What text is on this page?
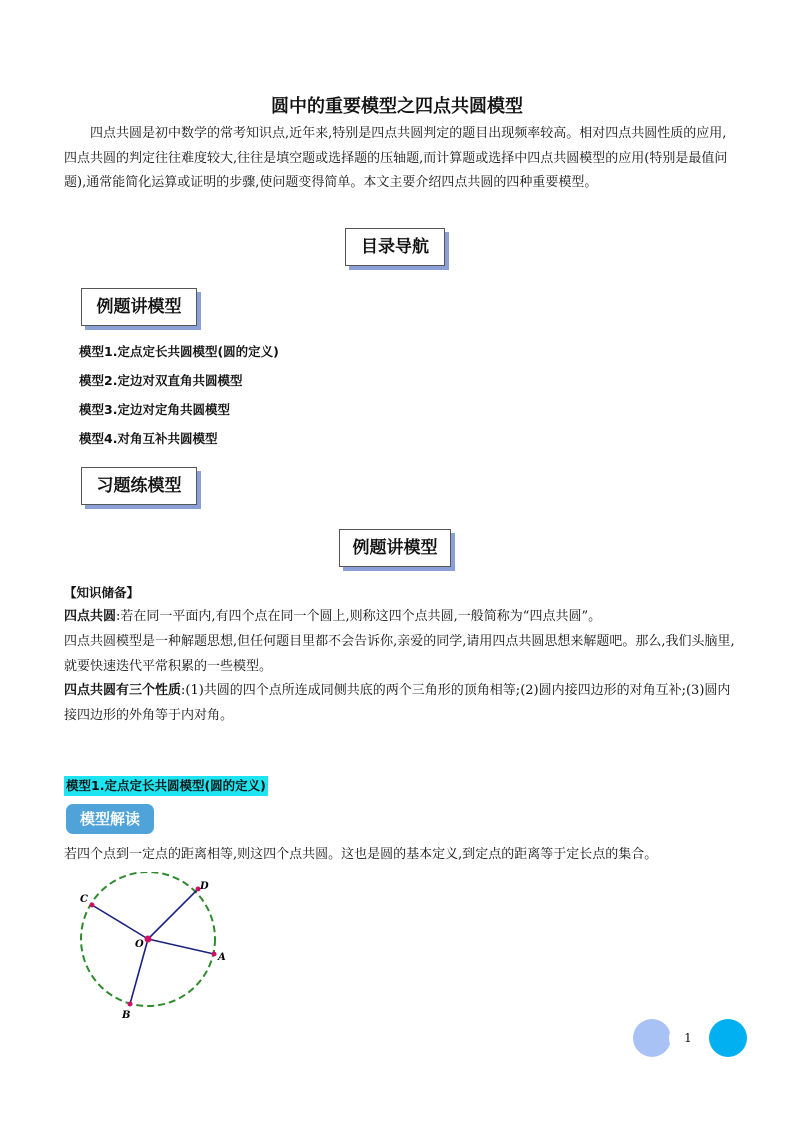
圆中的重要模型之四点共圆模型
四点共圆是初中数学的常考知识点,近年来,特别是四点共圆判定的题目出现频率较高。相对四点共圆性质的应用,四点共圆的判定往往难度较大,往往是填空题或选择题的压轴题,而计算题或选择中四点共圆模型的应用(特别是最值问题),通常能简化运算或证明的步骤,使问题变得简单。本文主要介绍四点共圆的四种重要模型。
目录导航
例题讲模型
模型1.定点定长共圆模型(圆的定义)
模型2.定边对双直角共圆模型
模型3.定边对定角共圆模型
模型4.对角互补共圆模型
习题练模型
例题讲模型
【知识储备】
四点共圆:若在同一平面内,有四个点在同一个圆上,则称这四个点共圆,一般简称为“四点共圆”。
四点共圆模型是一种解题思想,但任何题目里都不会告诉你,亲爱的同学,请用四点共圆思想来解题吧。那么,我们头脑里,就要快速迭代平常积累的一些模型。
四点共圆有三个性质:(1)共圆的四个点所连成同侧共底的两个三角形的顶角相等;(2)圆内接四边形的对角互补;(3)圆内接四边形的外角等于内对角。
模型1.定点定长共圆模型(圆的定义)
模型解读
若四个点到一定点的距离相等,则这四个点共圆。这也是圆的基本定义,到定点的距离等于定长点的集合。
C
D
O
A
B
1
